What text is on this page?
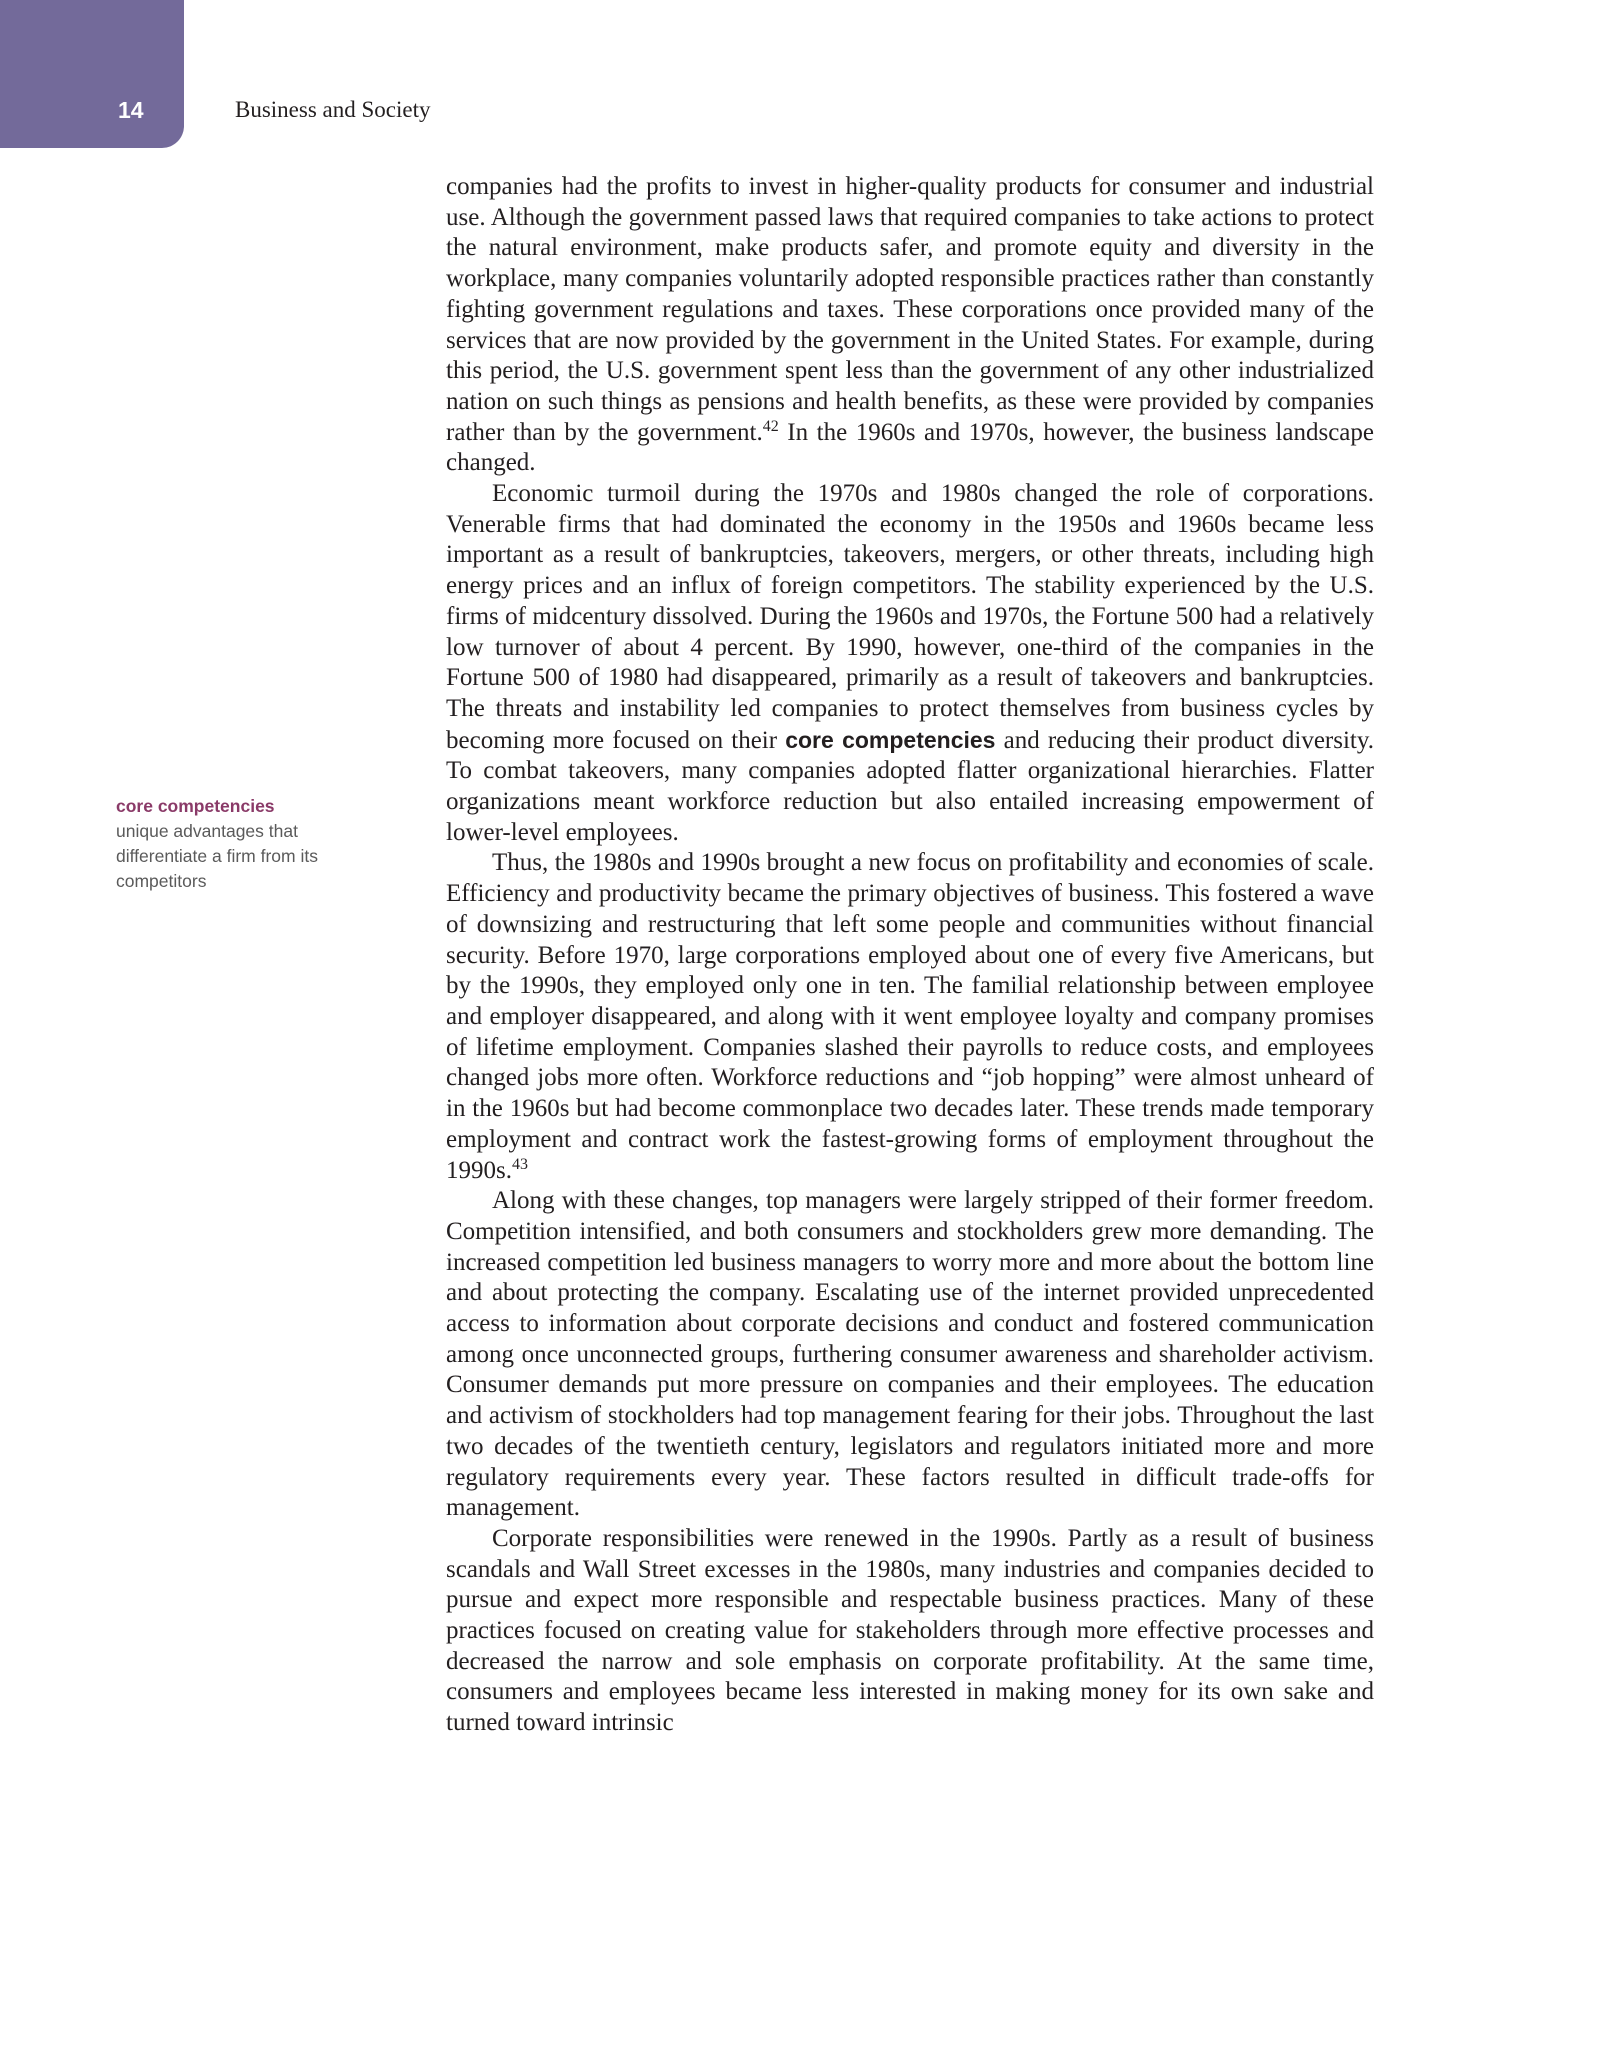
14	Business and Society
core competencies
unique advantages that differentiate a firm from its competitors

companies had the profits to invest in higher-quality products for consumer and industrial use. Although the government passed laws that required companies to take actions to protect the natural environment, make products safer, and promote equity and diversity in the workplace, many companies voluntarily adopted responsible practices rather than constantly fighting government regulations and taxes. These corporations once provided many of the services that are now provided by the government in the United States. For example, during this period, the U.S. government spent less than the government of any other industrialized nation on such things as pensions and health benefits, as these were provided by companies rather than by the government.$^{42}$ In the 1960s and 1970s, however, the business landscape changed.

Economic turmoil during the 1970s and 1980s changed the role of corporations. Venerable firms that had dominated the economy in the 1950s and 1960s became less important as a result of bankruptcies, takeovers, mergers, or other threats, including high energy prices and an influx of foreign competitors. The stability experienced by the U.S. firms of midcentury dissolved. During the 1960s and 1970s, the Fortune 500 had a relatively low turnover of about 4 percent. By 1990, however, one-third of the companies in the Fortune 500 of 1980 had disappeared, primarily as a result of takeovers and bankruptcies. The threats and instability led companies to protect themselves from business cycles by becoming more focused on their core competencies and reducing their product diversity. To combat takeovers, many companies adopted flatter organizational hierarchies. Flatter organizations meant workforce reduction but also entailed increasing empowerment of lower-level employees.

Thus, the 1980s and 1990s brought a new focus on profitability and economies of scale. Efficiency and productivity became the primary objectives of business. This fostered a wave of downsizing and restructuring that left some people and communities without financial security. Before 1970, large corporations employed about one of every five Americans, but by the 1990s, they employed only one in ten. The familial relationship between employee and employer disappeared, and along with it went employee loyalty and company promises of lifetime employment. Companies slashed their payrolls to reduce costs, and employees changed jobs more often. Workforce reductions and “job hopping” were almost unheard of in the 1960s but had become commonplace two decades later. These trends made temporary employment and contract work the fastest-growing forms of employment throughout the 1990s.$^{43}$

Along with these changes, top managers were largely stripped of their former freedom. Competition intensified, and both consumers and stockholders grew more demanding. The increased competition led business managers to worry more and more about the bottom line and about protecting the company. Escalating use of the internet provided unprecedented access to information about corporate decisions and conduct and fostered communication among once unconnected groups, furthering consumer awareness and shareholder activism. Consumer demands put more pressure on companies and their employees. The education and activism of stockholders had top management fearing for their jobs. Throughout the last two decades of the twentieth century, legislators and regulators initiated more and more regulatory requirements every year. These factors resulted in difficult trade-offs for management.

Corporate responsibilities were renewed in the 1990s. Partly as a result of business scandals and Wall Street excesses in the 1980s, many industries and companies decided to pursue and expect more responsible and respectable business practices. Many of these practices focused on creating value for stakeholders through more effective processes and decreased the narrow and sole emphasis on corporate profitability. At the same time, consumers and employees became less interested in making money for its own sake and turned toward intrinsic
